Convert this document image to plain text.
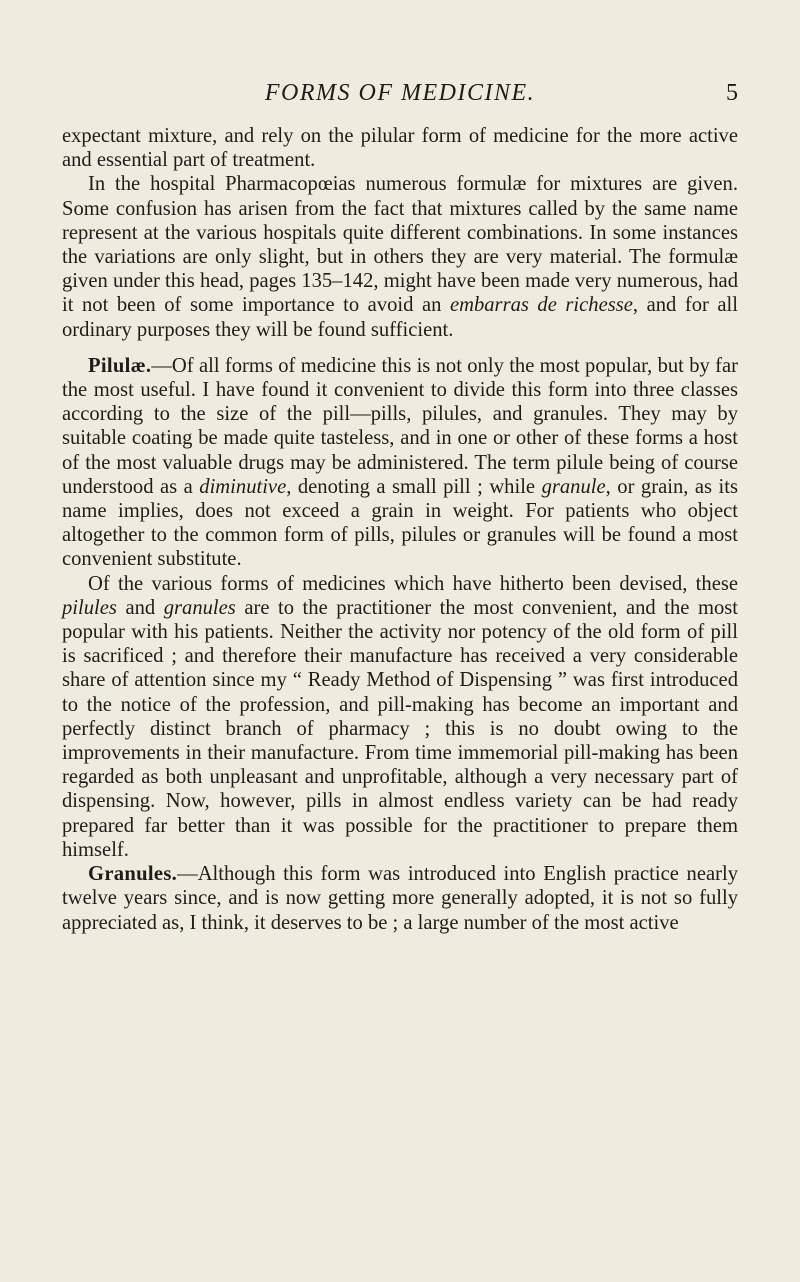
FORMS OF MEDICINE.	5

expectant mixture, and rely on the pilular form of medicine for the more active and essential part of treatment.

In the hospital Pharmacopœias numerous formulæ for mixtures are given. Some confusion has arisen from the fact that mixtures called by the same name represent at the various hospitals quite different combinations. In some instances the variations are only slight, but in others they are very material. The formulæ given under this head, pages 135–142, might have been made very numerous, had it not been of some importance to avoid an embarras de richesse, and for all ordinary purposes they will be found sufficient.

Pilulæ.—Of all forms of medicine this is not only the most popular, but by far the most useful. I have found it convenient to divide this form into three classes according to the size of the pill—pills, pilules, and granules. They may by suitable coating be made quite tasteless, and in one or other of these forms a host of the most valuable drugs may be administered. The term pilule being of course understood as a diminutive, denoting a small pill ; while granule, or grain, as its name implies, does not exceed a grain in weight. For patients who object altogether to the common form of pills, pilules or granules will be found a most convenient substitute.

Of the various forms of medicines which have hitherto been devised, these pilules and granules are to the practitioner the most convenient, and the most popular with his patients. Neither the activity nor potency of the old form of pill is sacrificed ; and therefore their manufacture has received a very considerable share of attention since my “ Ready Method of Dispensing ” was first introduced to the notice of the profession, and pill-making has become an important and perfectly distinct branch of pharmacy ; this is no doubt owing to the improvements in their manufacture. From time immemorial pill-making has been regarded as both unpleasant and unprofitable, although a very necessary part of dispensing. Now, however, pills in almost endless variety can be had ready prepared far better than it was possible for the practitioner to prepare them himself.

Granules.—Although this form was introduced into English practice nearly twelve years since, and is now getting more generally adopted, it is not so fully appreciated as, I think, it deserves to be ; a large number of the most active
